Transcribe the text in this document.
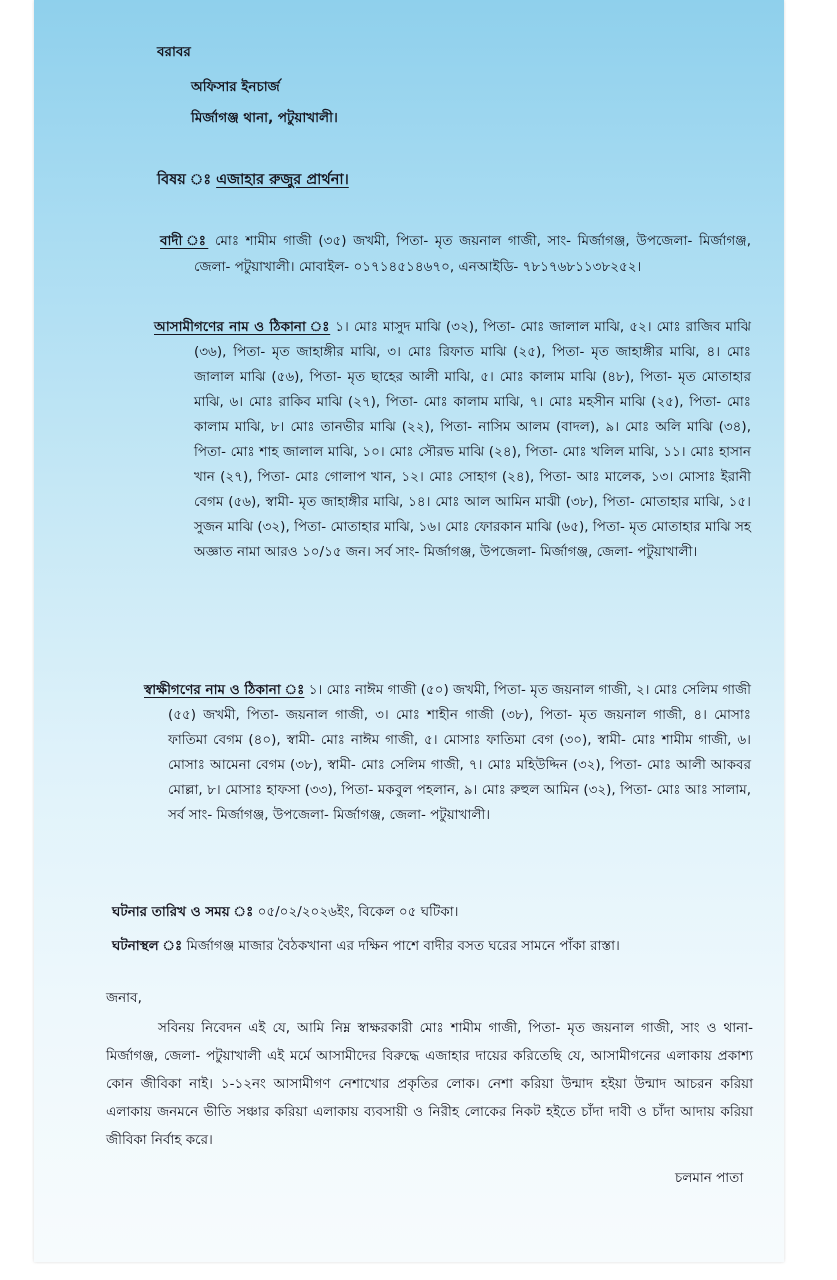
বরাবর

অফিসার ইনচার্জ

মির্জাগঞ্জ থানা, পটুয়াখালী।

বিষয় ঃ এজাহার রুজুর প্রার্থনা।

বাদী ঃ মোঃ শামীম গাজী (৩৫) জখমী, পিতা- মৃত জয়নাল গাজী, সাং- মির্জাগঞ্জ, উপজেলা- মির্জাগঞ্জ, জেলা- পটুয়াখালী। মোবাইল- ০১৭১৪৫১৪৬৭০, এনআইডি- ৭৮১৭৬৮১১৩৮২৫২।

আসামীগণের নাম ও ঠিকানা ঃ ১। মোঃ মাসুদ মাঝি (৩২), পিতা- মোঃ জালাল মাঝি, ৫২। মোঃ রাজিব মাঝি (৩৬), পিতা- মৃত জাহাঙ্গীর মাঝি, ৩। মোঃ রিফাত মাঝি (২৫), পিতা- মৃত জাহাঙ্গীর মাঝি, ৪। মোঃ জালাল মাঝি (৫৬), পিতা- মৃত ছাহের আলী মাঝি, ৫। মোঃ কালাম মাঝি (৪৮), পিতা- মৃত মোতাহার মাঝি, ৬। মোঃ রাকিব মাঝি (২৭), পিতা- মোঃ কালাম মাঝি, ৭। মোঃ মহসীন মাঝি (২৫), পিতা- মোঃ কালাম মাঝি, ৮। মোঃ তানভীর মাঝি (২২), পিতা- নাসিম আলম (বাদল), ৯। মোঃ অলি মাঝি (৩৪), পিতা- মোঃ শাহ জালাল মাঝি, ১০। মোঃ সৌরভ মাঝি (২৪), পিতা- মোঃ খলিল মাঝি, ১১। মোঃ হাসান খান (২৭), পিতা- মোঃ গোলাপ খান, ১২। মোঃ সোহাগ (২৪), পিতা- আঃ মালেক, ১৩। মোসাঃ ইরানী বেগম (৫৬), স্বামী- মৃত জাহাঙ্গীর মাঝি, ১৪। মোঃ আল আমিন মাঝী (৩৮), পিতা- মোতাহার মাঝি, ১৫। সুজন মাঝি (৩২), পিতা- মোতাহার মাঝি, ১৬। মোঃ ফোরকান মাঝি (৬৫), পিতা- মৃত মোতাহার মাঝি সহ অজ্ঞাত নামা আরও ১০/১৫ জন। সর্ব সাং- মির্জাগঞ্জ, উপজেলা- মির্জাগঞ্জ, জেলা- পটুয়াখালী।

স্বাক্ষীগণের নাম ও ঠিকানা ঃ ১। মোঃ নাঈম গাজী (৫০) জখমী, পিতা- মৃত জয়নাল গাজী, ২। মোঃ সেলিম গাজী (৫৫) জখমী, পিতা- জয়নাল গাজী, ৩। মোঃ শাহীন গাজী (৩৮), পিতা- মৃত জয়নাল গাজী, ৪। মোসাঃ ফাতিমা বেগম (৪০), স্বামী- মোঃ নাঈম গাজী, ৫। মোসাঃ ফাতিমা বেগ (৩০), স্বামী- মোঃ শামীম গাজী, ৬। মোসাঃ আমেনা বেগম (৩৮), স্বামী- মোঃ সেলিম গাজী, ৭। মোঃ মহিউদ্দিন (৩২), পিতা- মোঃ আলী আকবর মোল্লা, ৮। মোসাঃ হাফসা (৩৩), পিতা- মকবুল পহলান, ৯। মোঃ রুহুল আমিন (৩২), পিতা- মোঃ আঃ সালাম, সর্ব সাং- মির্জাগঞ্জ, উপজেলা- মির্জাগঞ্জ, জেলা- পটুয়াখালী।

ঘটনার তারিখ ও সময় ঃ ০৫/০২/২০২৬ইং, বিকেল ০৫ ঘটিকা।

ঘটনাস্থল ঃ মির্জাগঞ্জ মাজার বৈঠকখানা এর দক্ষিন পাশে বাদীর বসত ঘরের সামনে পাঁকা রাস্তা।

জনাব,

সবিনয় নিবেদন এই যে, আমি নিম্ন স্বাক্ষরকারী মোঃ শামীম গাজী, পিতা- মৃত জয়নাল গাজী, সাং ও থানা- মির্জাগঞ্জ, জেলা- পটুয়াখালী এই মর্মে আসামীদের বিরুদ্ধে এজাহার দায়ের করিতেছি যে, আসামীগনের এলাকায় প্রকাশ্য কোন জীবিকা নাই। ১-১২নং আসামীগণ নেশাখোর প্রকৃতির লোক। নেশা করিয়া উন্মাদ হইয়া উন্মাদ আচরন করিয়া এলাকায় জনমনে ভীতি সঞ্চার করিয়া এলাকায় ব্যবসায়ী ও নিরীহ লোকের নিকট হইতে চাঁদা দাবী ও চাঁদা আদায় করিয়া জীবিকা নির্বাহ করে।

চলমান পাতা
